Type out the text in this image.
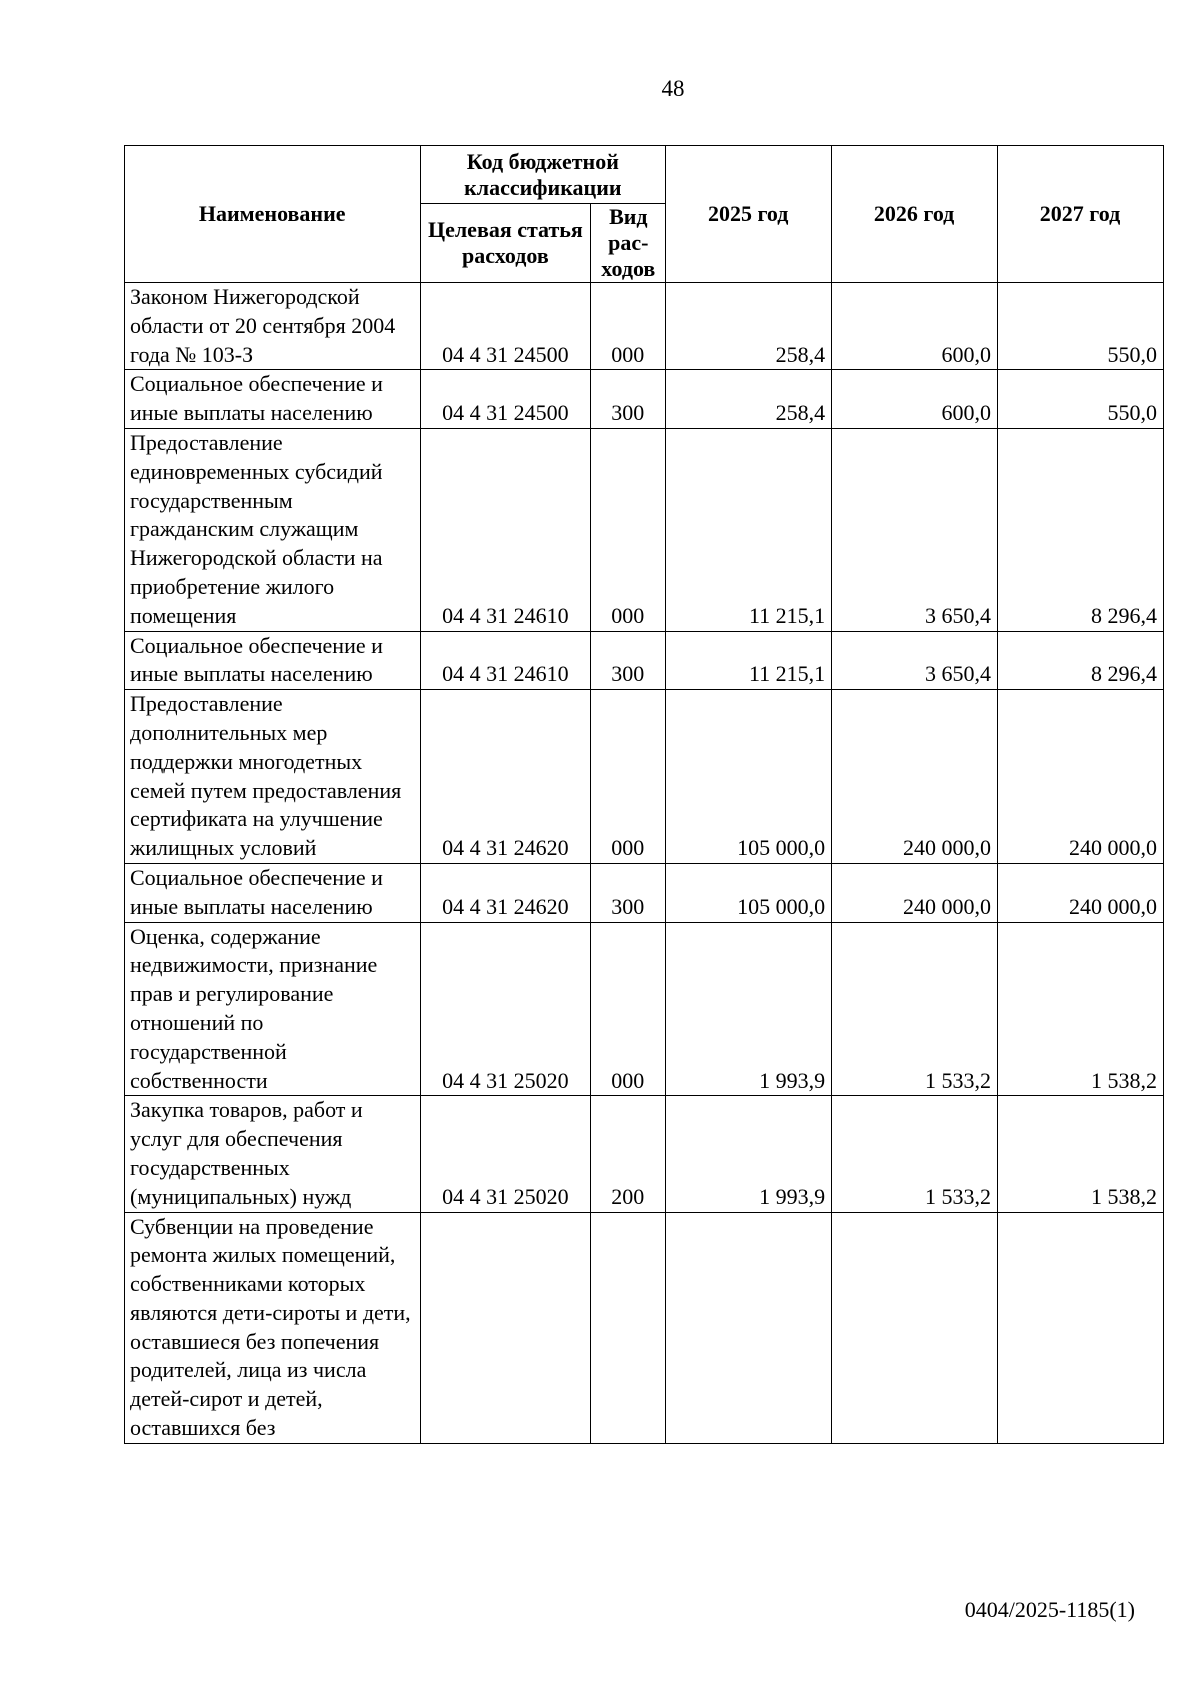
48
Наименование	Код бюджетной классификации		2025 год	2026 год	2027 год
	Целевая статья расходов	Вид рас-ходов			
Законом Нижегородской области от 20 сентября 2004 года № 103-З	04 4 31 24500	000	258,4	600,0	550,0
Социальное обеспечение и иные выплаты населению	04 4 31 24500	300	258,4	600,0	550,0
Предоставление единовременных субсидий государственным гражданским служащим Нижегородской области на приобретение жилого помещения	04 4 31 24610	000	11 215,1	3 650,4	8 296,4
Социальное обеспечение и иные выплаты населению	04 4 31 24610	300	11 215,1	3 650,4	8 296,4
Предоставление дополнительных мер поддержки многодетных семей путем предоставления сертификата на улучшение жилищных условий	04 4 31 24620	000	105 000,0	240 000,0	240 000,0
Социальное обеспечение и иные выплаты населению	04 4 31 24620	300	105 000,0	240 000,0	240 000,0
Оценка, содержание недвижимости, признание прав и регулирование отношений по государственной собственности	04 4 31 25020	000	1 993,9	1 533,2	1 538,2
Закупка товаров, работ и услуг для обеспечения государственных (муниципальных) нужд	04 4 31 25020	200	1 993,9	1 533,2	1 538,2
Субвенции на проведение ремонта жилых помещений, собственниками которых являются дети-сироты и дети, оставшиеся без попечения родителей, лица из числа детей-сирот и детей, оставшихся без					
0404/2025-1185(1)
